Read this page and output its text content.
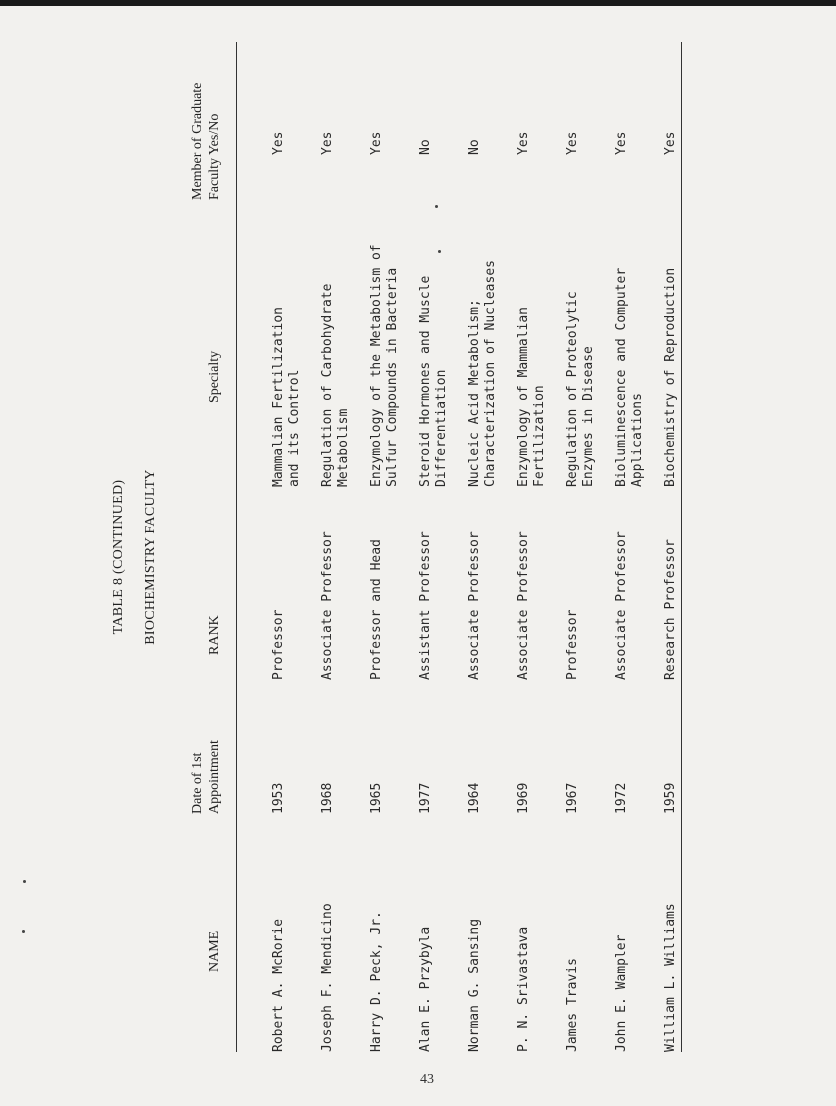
TABLE 8 (CONTINUED) BIOCHEMISTRY FACULTY
NAME
Date of 1st
Appointment
RANK
Specialty
Member of Graduate
Faculty Yes/No
Robert A. McRorie
1953
Professor
Mammalian Fertilization
and its Control
Yes
Joseph F. Mendicino
1968
Associate Professor
Regulation of Carbohydrate
Metabolism
Yes
Harry D. Peck, Jr.
1965
Professor and Head
Enzymology of the Metabolism of
Sulfur Compounds in Bacteria
Yes
Alan E. Przybyla
1977
Assistant Professor
Steroid Hormones and Muscle
Differentiation
No
Norman G. Sansing
1964
Associate Professor
Nucleic Acid Metabolism;
Characterization of Nucleases
No
P. N. Srivastava
1969
Associate Professor
Enzymology of Mammalian
Fertilization
Yes
James Travis
1967
Professor
Regulation of Proteolytic
Enzymes in Disease
Yes
John E. Wampler
1972
Associate Professor
Bioluminescence and Computer
Applications
Yes
William L. Williams
1959
Research Professor
Biochemistry of Reproduction
Yes
43
